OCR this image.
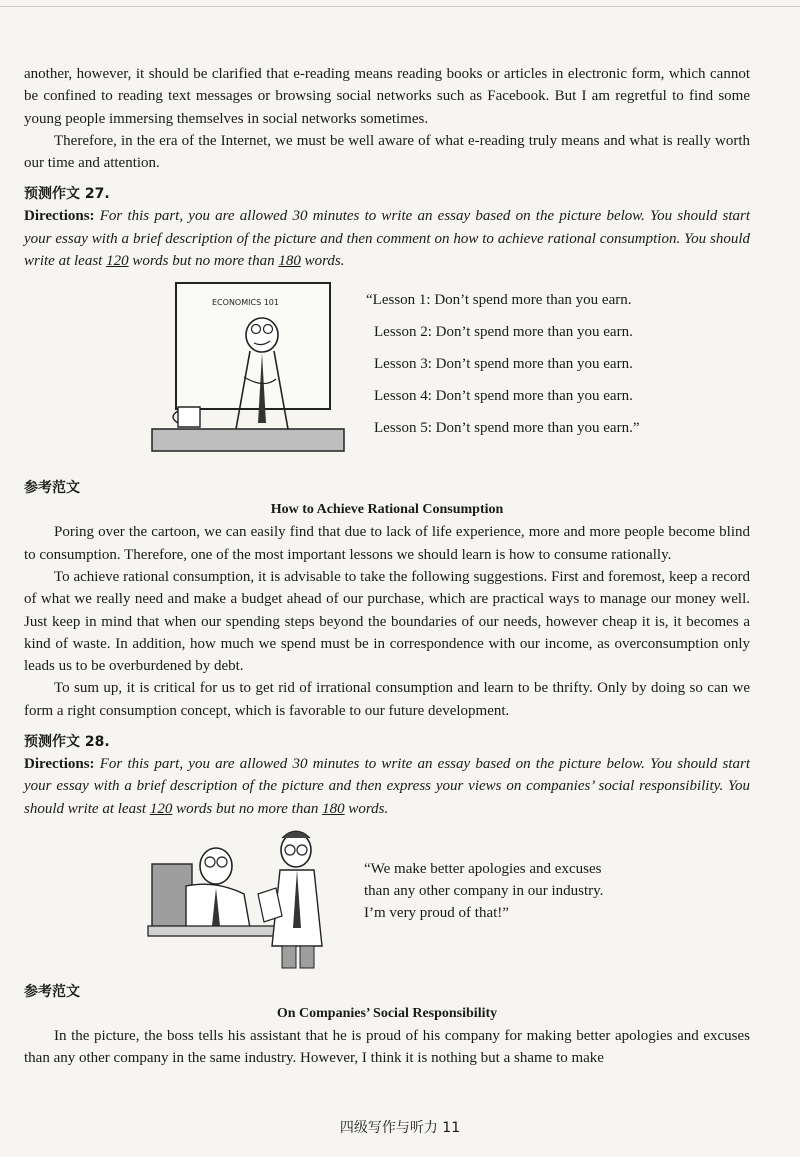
another, however, it should be clarified that e-reading means reading books or articles in electronic form, which cannot be confined to reading text messages or browsing social networks such as Facebook. But I am regretful to find some young people immersing themselves in social networks sometimes.

Therefore, in the era of the Internet, we must be well aware of what e-reading truly means and what is really worth our time and attention.

预测作文 27.

Directions: For this part, you are allowed 30 minutes to write an essay based on the picture below. You should start your essay with a brief description of the picture and then comment on how to achieve rational consumption. You should write at least 120 words but no more than 180 words.

ECONOMICS 101	“Lesson 1: Don’t spend more than you earn.
Lesson 2: Don’t spend more than you earn.
Lesson 3: Don’t spend more than you earn.
Lesson 4: Don’t spend more than you earn.
Lesson 5: Don’t spend more than you earn.”
参考范文
How to Achieve Rational Consumption

Poring over the cartoon, we can easily find that due to lack of life experience, more and more people become blind to consumption. Therefore, one of the most important lessons we should learn is how to consume rationally.

To achieve rational consumption, it is advisable to take the following suggestions. First and foremost, keep a record of what we really need and make a budget ahead of our purchase, which are practical ways to manage our money well. Just keep in mind that when our spending steps beyond the boundaries of our needs, however cheap it is, it becomes a kind of waste. In addition, how much we spend must be in correspondence with our income, as overconsumption only leads us to be overburdened by debt.

To sum up, it is critical for us to get rid of irrational consumption and learn to be thrifty. Only by doing so can we form a right consumption concept, which is favorable to our future development.

预测作文 28.

Directions: For this part, you are allowed 30 minutes to write an essay based on the picture below. You should start your essay with a brief description of the picture and then express your views on companies’ social responsibility. You should write at least 120 words but no more than 180 words.

“We make better apologies and excuses
than any other company in our industry.
I’m very proud of that!”
参考范文
On Companies’ Social Responsibility

In the picture, the boss tells his assistant that he is proud of his company for making better apologies and excuses than any other company in the same industry. However, I think it is nothing but a shame to make

四级写作与听力 11
